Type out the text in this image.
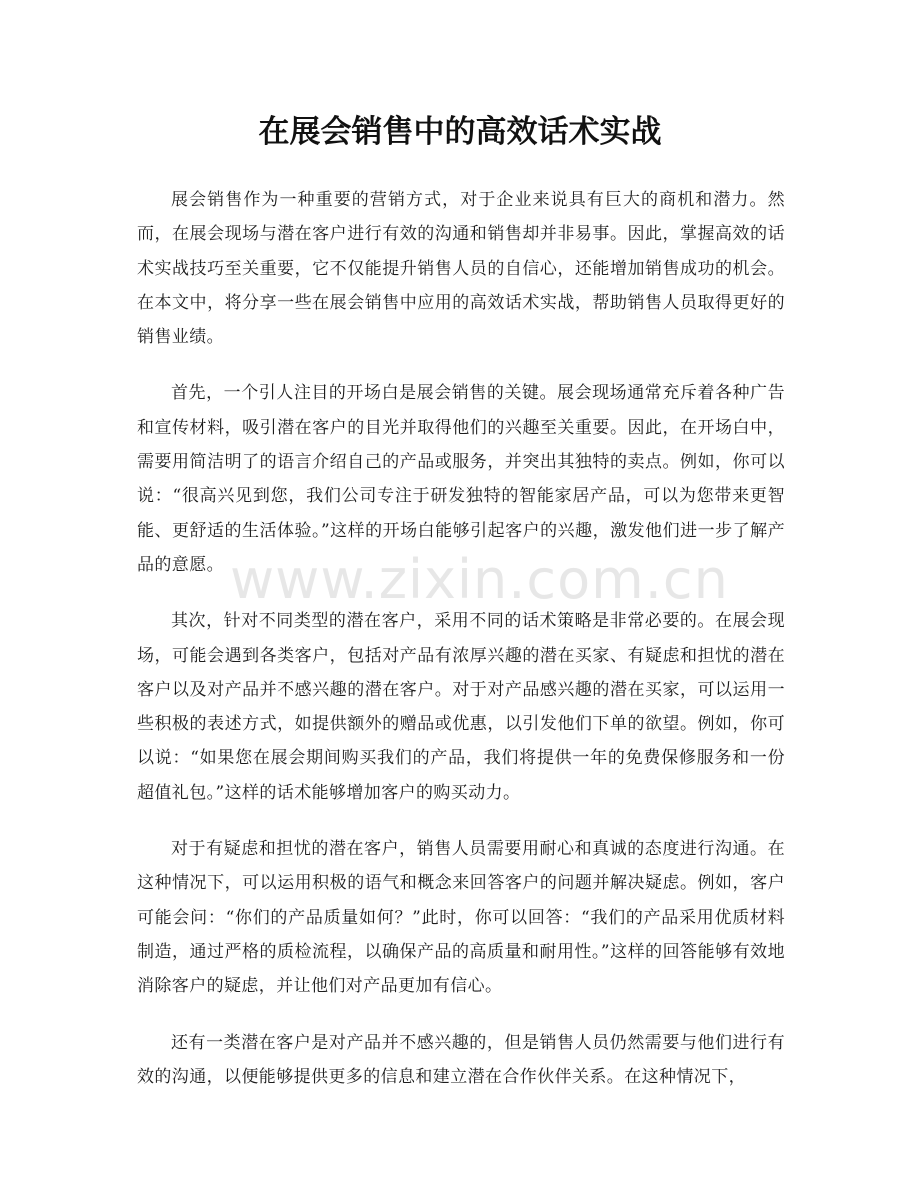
在展会销售中的高效话术实战

展会销售作为一种重要的营销方式，对于企业来说具有巨大的商机和潜力。然而，在展会现场与潜在客户进行有效的沟通和销售却并非易事。因此，掌握高效的话术实战技巧至关重要，它不仅能提升销售人员的自信心，还能增加销售成功的机会。在本文中，将分享一些在展会销售中应用的高效话术实战，帮助销售人员取得更好的销售业绩。

首先，一个引人注目的开场白是展会销售的关键。展会现场通常充斥着各种广告和宣传材料，吸引潜在客户的目光并取得他们的兴趣至关重要。因此，在开场白中，需要用简洁明了的语言介绍自己的产品或服务，并突出其独特的卖点。例如，你可以说：“很高兴见到您，我们公司专注于研发独特的智能家居产品，可以为您带来更智能、更舒适的生活体验。”这样的开场白能够引起客户的兴趣，激发他们进一步了解产品的意愿。

其次，针对不同类型的潜在客户，采用不同的话术策略是非常必要的。在展会现场，可能会遇到各类客户，包括对产品有浓厚兴趣的潜在买家、有疑虑和担忧的潜在客户以及对产品并不感兴趣的潜在客户。对于对产品感兴趣的潜在买家，可以运用一些积极的表述方式，如提供额外的赠品或优惠，以引发他们下单的欲望。例如，你可以说：“如果您在展会期间购买我们的产品，我们将提供一年的免费保修服务和一份超值礼包。”这样的话术能够增加客户的购买动力。

对于有疑虑和担忧的潜在客户，销售人员需要用耐心和真诚的态度进行沟通。在这种情况下，可以运用积极的语气和概念来回答客户的问题并解决疑虑。例如，客户可能会问：“你们的产品质量如何？”此时，你可以回答：“我们的产品采用优质材料制造，通过严格的质检流程，以确保产品的高质量和耐用性。”这样的回答能够有效地消除客户的疑虑，并让他们对产品更加有信心。

还有一类潜在客户是对产品并不感兴趣的，但是销售人员仍然需要与他们进行有效的沟通，以便能够提供更多的信息和建立潜在合作伙伴关系。在这种情况下，

www.zixin.com.cn
